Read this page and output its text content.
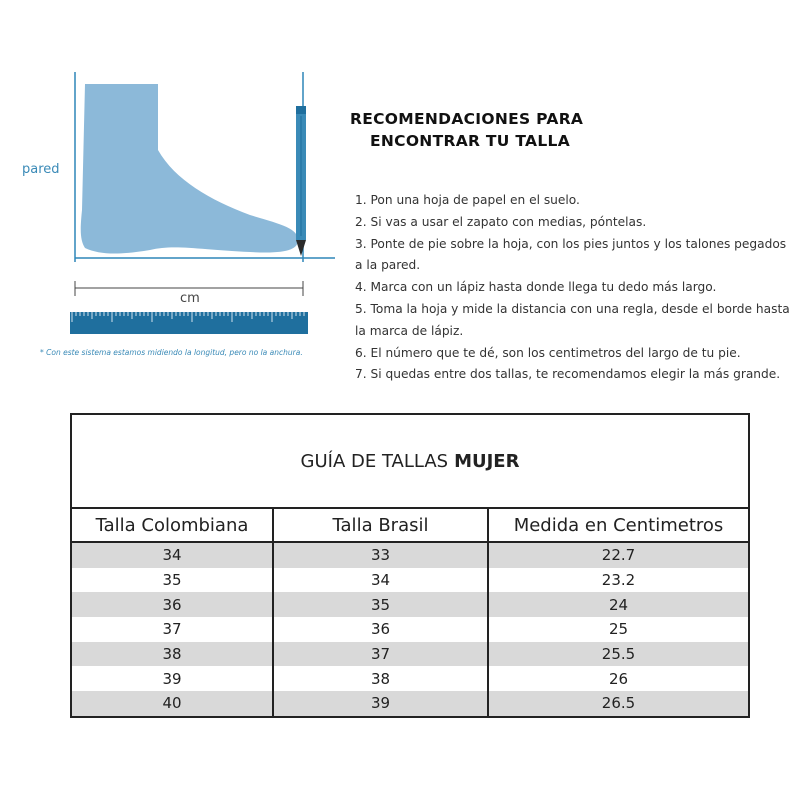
pared
cm
* Con este sistema estamos midiendo la longitud, pero no la anchura.
RECOMENDACIONES PARA
ENCONTRAR TU TALLA
1. Pon una hoja de papel en el suelo.
2. Si vas a usar el zapato con medias, póntelas.
3. Ponte de pie sobre la hoja, con los pies juntos y los talones pegados
a la pared.
4. Marca con un lápiz hasta donde llega tu dedo más largo.
5. Toma la hoja y mide la distancia con una regla, desde el borde hasta
la marca de lápiz.
6. El número que te dé, son los centimetros del largo de tu pie.
7. Si quedas entre dos tallas, te recomendamos elegir la más grande.
GUÍA DE TALLAS MUJER
Talla Colombiana	Talla Brasil	Medida en Centimetros
34	33	22.7
35	34	23.2
36	35	24
37	36	25
38	37	25.5
39	38	26
40	39	26.5
